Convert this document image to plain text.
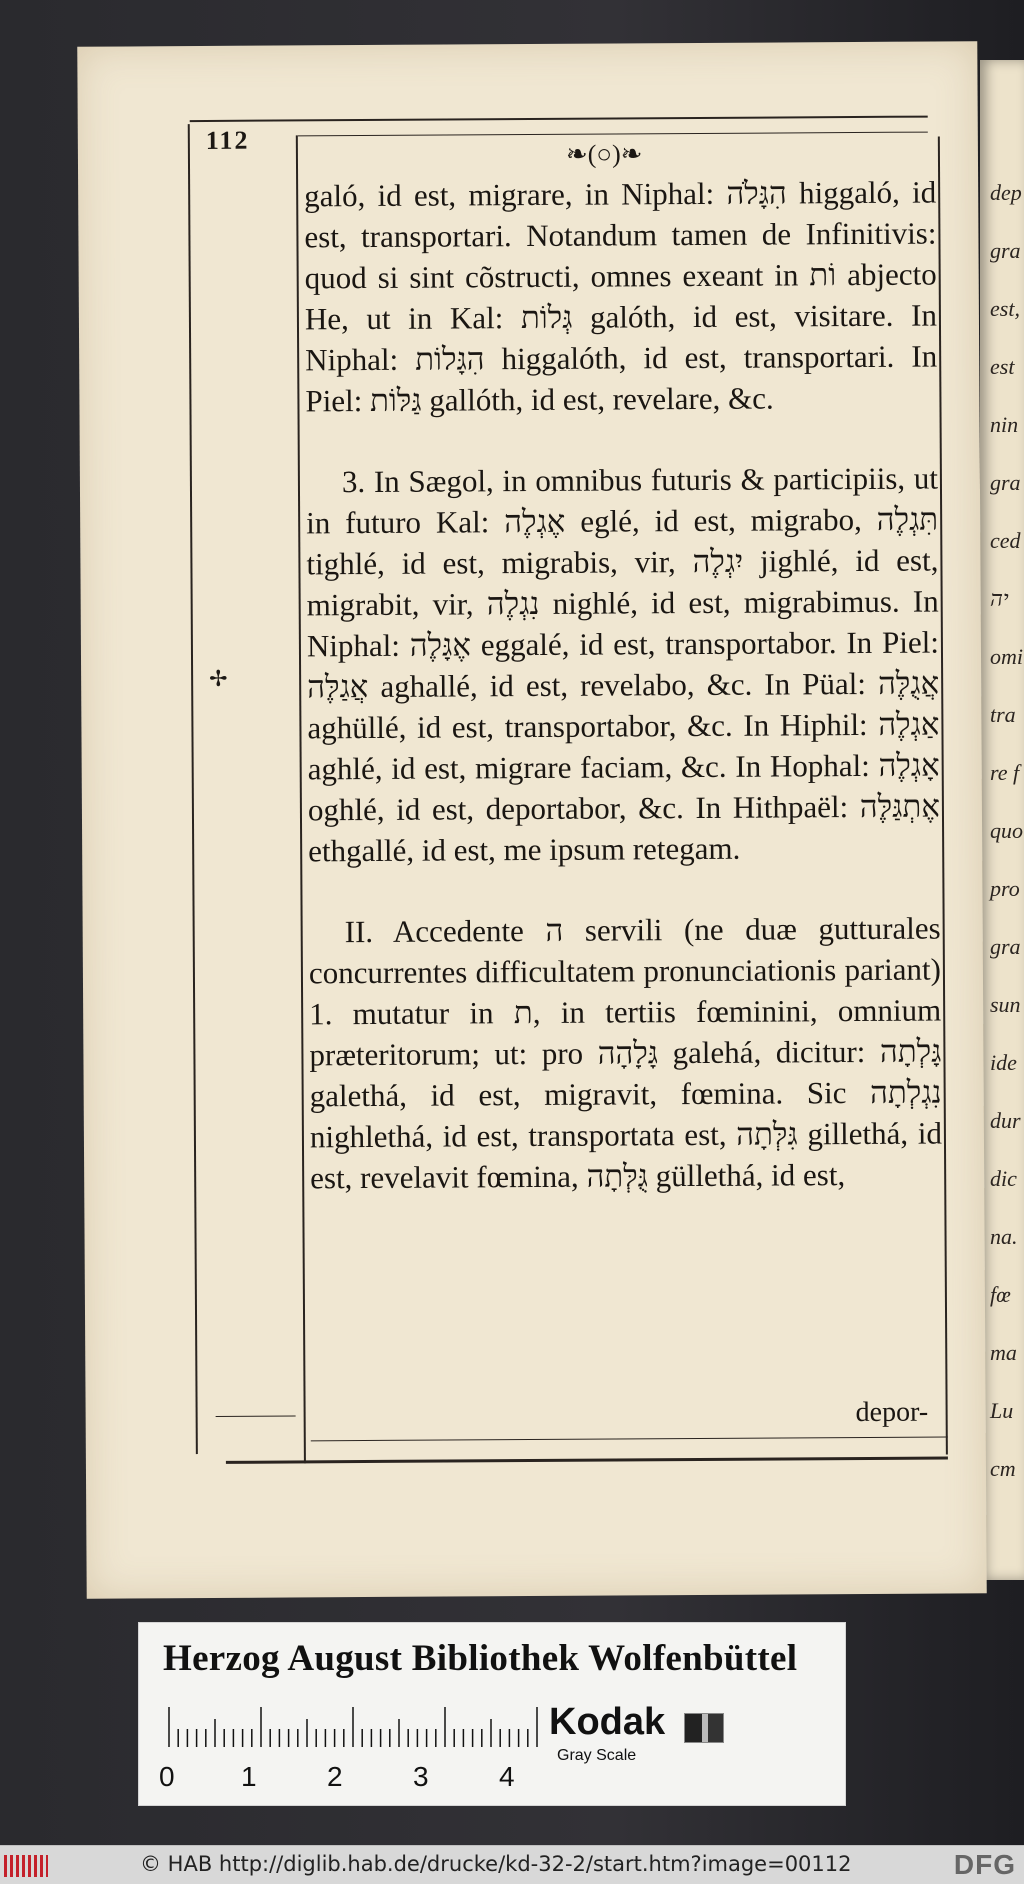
dep
gra
est,
est
nin
gra
ced
יה
omi
tra
re f
quo
pro
gra
sun
ide
dur
dic
na.
fœ
ma
Lu
cm
112	❧(○)❧
✢

galó, id est, migrare, in Niphal: הִגָּלֹה higgaló, id est, transportari. Notandum tamen de Infinitivis: quod si sint cõstructi, omnes exeant in וֹת abjecto He, ut in Kal: גְּלוֹת galóth, id est, visitare. In Niphal: הִגָּלוֹת higgalóth, id est, transportari. In Piel: גַּלּוֹת gallóth, id est, revelare, &c.

3. In Sægol, in omnibus futuris & participiis, ut in futuro Kal: אֶגְלֶה eglé, id est, migrabo, תִּגְלֶה tighlé, id est, migrabis, vir, יִגְלֶה jighlé, id est, migrabit, vir, נִגְלֶה nighlé, id est, migrabimus. In Niphal: אֶגָּלֶה eggalé, id est, transportabor. In Piel: אֲגַלֶּה aghallé, id est, revelabo, &c. In Püal: אֲגֻלֶּה aghüllé, id est, transportabor, &c. In Hiphil: אַגְלֶה aghlé, id est, migrare faciam, &c. In Hophal: אָגְלֶה oghlé, id est, deportabor, &c. In Hithpaël: אֶתְגַּלֶּה ethgallé, id est, me ipsum retegam.

II. Accedente ה servili (ne duæ gutturales concurrentes difficultatem pronunciationis pariant) 1. mutatur in ת, in tertiis fœminini, omnium præteritorum; ut: pro גָּלָהָה galehá, dicitur: גָּלְתָה galethá, id est, migravit, fœmina. Sic נִגְלְתָה nighlethá, id est, transportata est, גִּלְּתָה gillethá, id est, revelavit fœmina, גֻּלְּתָה güllethá, id est,

depor-
Herzog August Bibliothek Wolfenbüttel
0 1	2	3	4
Kodak
Gray Scale
© HAB http://diglib.hab.de/drucke/kd-32-2/start.htm?image=00112	DFG
